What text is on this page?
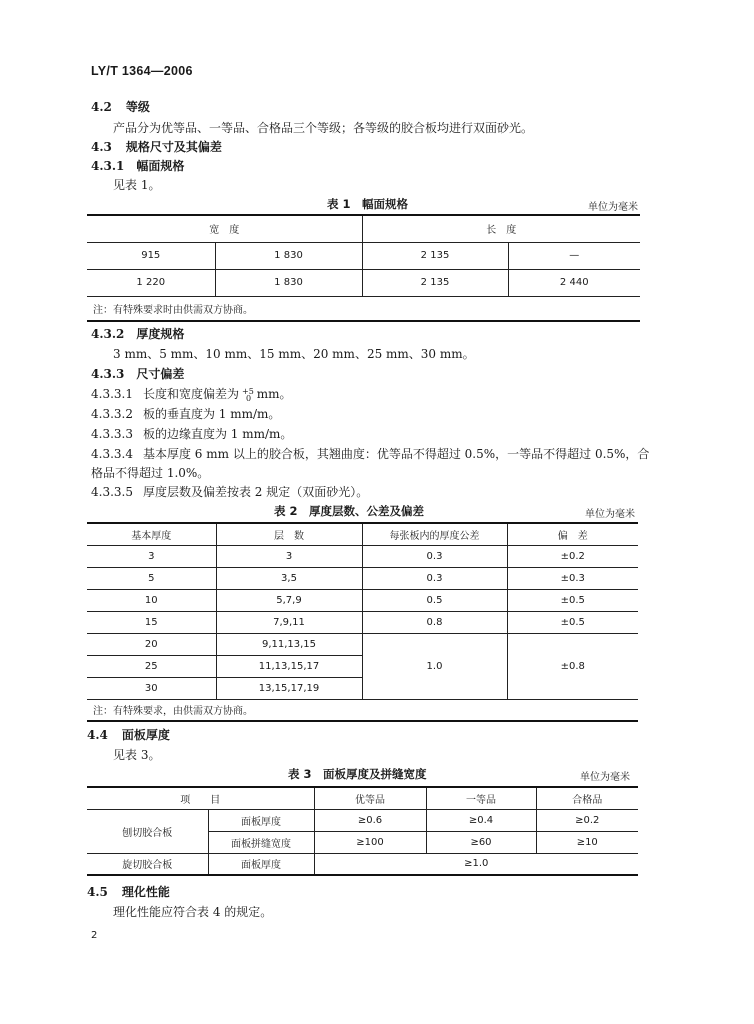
LY/T 1364—2006
4.2 等级
产品分为优等品、一等品、合格品三个等级；各等级的胶合板均进行双面砂光。
4.3 规格尺寸及其偏差
4.3.1 幅面规格
见表 1。
表 1　幅面规格	单位为毫米
宽　度		长　度	
915	1 830	2 135	—
1 220	1 830	2 135	2 440
注：有特殊要求时由供需双方协商。			
4.3.2 厚度规格
3 mm、5 mm、10 mm、15 mm、20 mm、25 mm、30 mm。
4.3.3 尺寸偏差
4.3.3.1 长度和宽度偏差为 +5
0 mm。
4.3.3.2 板的垂直度为 1 mm/m。
4.3.3.3 板的边缘直度为 1 mm/m。
4.3.3.4 基本厚度 6 mm 以上的胶合板，其翘曲度：优等品不得超过 0.5%，一等品不得超过 0.5%，合
格品不得超过 1.0%。
4.3.3.5 厚度层数及偏差按表 2 规定（双面砂光）。
表 2　厚度层数、公差及偏差	单位为毫米
基本厚度	层　数	每张板内的厚度公差	偏　差
3	3	0.3	±0.2
5	3,5	0.3	±0.3
10	5,7,9	0.5	±0.5
15	7,9,11	0.8	±0.5
20	9,11,13,15	1.0	±0.8
25	11,13,15,17		
30	13,15,17,19		
注：有特殊要求，由供需双方协商。			
4.4 面板厚度
见表 3。
表 3　面板厚度及拼缝宽度	单位为毫米
项　　目		优等品	一等品	合格品
刨切胶合板	面板厚度	≥0.6	≥0.4	≥0.2
	面板拼缝宽度	≥100	≥60	≥10
旋切胶合板	面板厚度	≥1.0		
4.5 理化性能
理化性能应符合表 4 的规定。
2
